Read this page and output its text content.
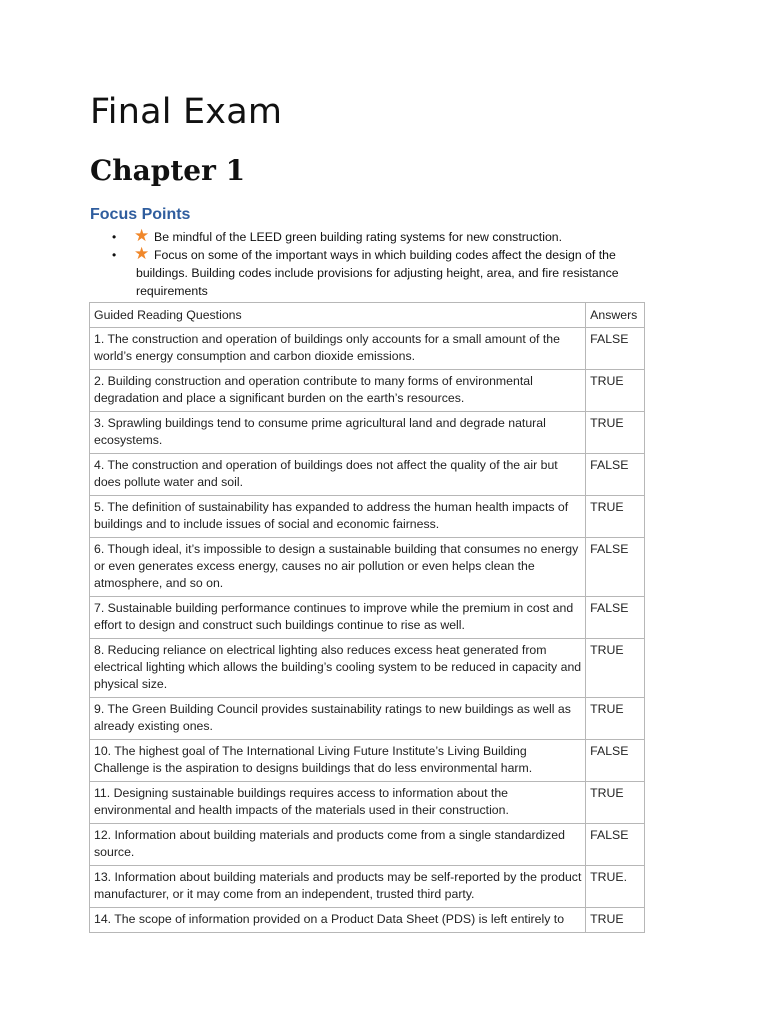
Final Exam
Chapter 1
Focus Points
• ★ Be mindful of the LEED green building rating systems for new construction.
• ★ Focus on some of the important ways in which building codes affect the design of the buildings. Building codes include provisions for adjusting height, area, and fire resistance requirements
Guided Reading Questions	Answers
1. The construction and operation of buildings only accounts for a small amount of the world’s energy consumption and carbon dioxide emissions.	FALSE
2. Building construction and operation contribute to many forms of environmental degradation and place a significant burden on the earth’s resources.	TRUE
3. Sprawling buildings tend to consume prime agricultural land and degrade natural ecosystems.	TRUE
4. The construction and operation of buildings does not affect the quality of the air but does pollute water and soil.	FALSE
5. The definition of sustainability has expanded to address the human health impacts of buildings and to include issues of social and economic fairness.	TRUE
6. Though ideal, it’s impossible to design a sustainable building that consumes no energy or even generates excess energy, causes no air pollution or even helps clean the atmosphere, and so on.	FALSE
7. Sustainable building performance continues to improve while the premium in cost and effort to design and construct such buildings continue to rise as well.	FALSE
8. Reducing reliance on electrical lighting also reduces excess heat generated from electrical lighting which allows the building’s cooling system to be reduced in capacity and physical size.	TRUE
9. The Green Building Council provides sustainability ratings to new buildings as well as already existing ones.	TRUE
10. The highest goal of The International Living Future Institute’s Living Building Challenge is the aspiration to designs buildings that do less environmental harm.	FALSE
11. Designing sustainable buildings requires access to information about the environmental and health impacts of the materials used in their construction.	TRUE
12. Information about building materials and products come from a single standardized source.	FALSE
13. Information about building materials and products may be self-reported by the product manufacturer, or it may come from an independent, trusted third party.	TRUE.
14. The scope of information provided on a Product Data Sheet (PDS) is left entirely to	TRUE
